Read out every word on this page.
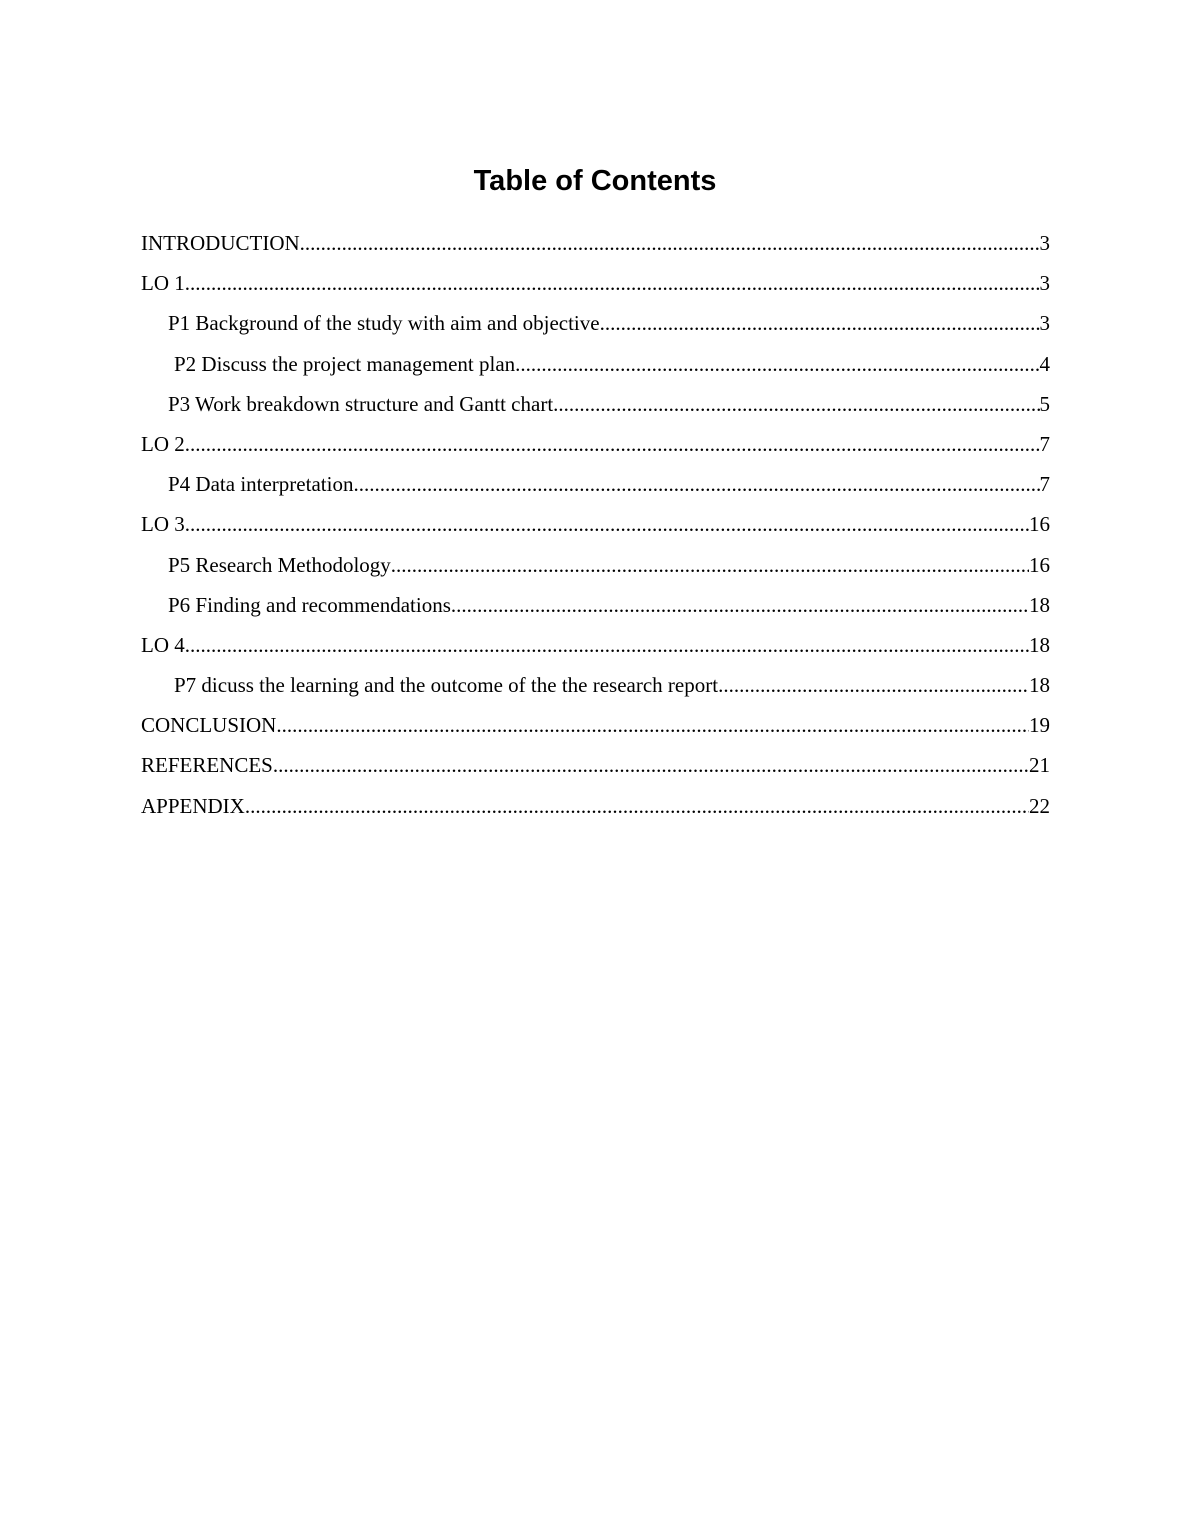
Table of Contents
INTRODUCTION .....	3
LO 1 .....	3
P1 Background of the study with aim and objective .....	3
P2 Discuss the project management plan .....	4
P3 Work breakdown structure and Gantt chart .....	5
LO 2 .....	7
P4 Data interpretation .....	7
LO 3 .....	16
P5 Research Methodology .....	16
P6 Finding and recommendations .....	18
LO 4 .....	18
P7 dicuss the learning and the outcome of the the research report .....	18
CONCLUSION .....	19
REFERENCES .....	21
APPENDIX .....	22
